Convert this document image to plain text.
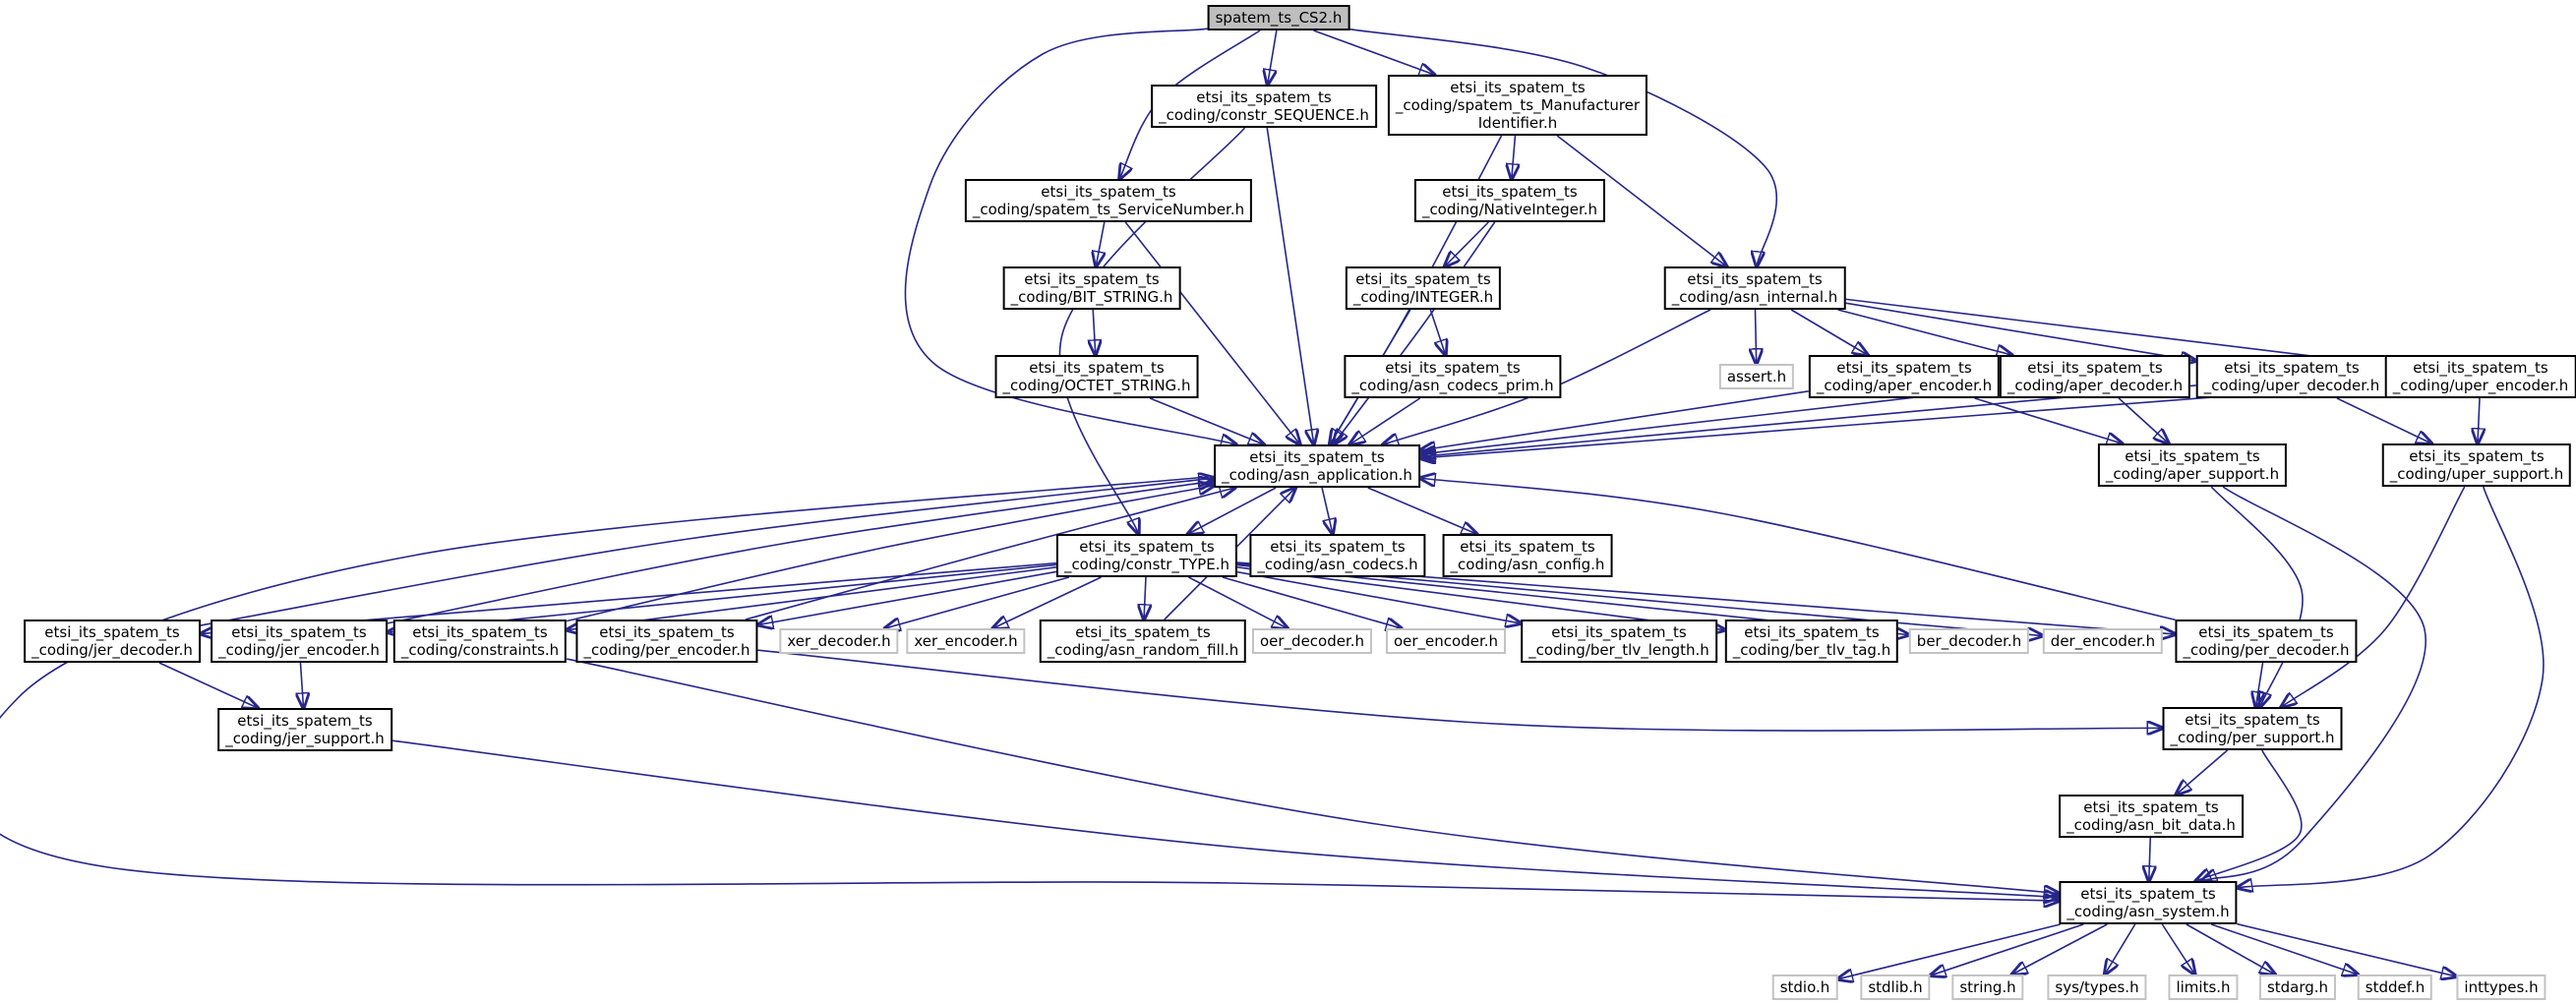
spatem_ts_CS2.h
etsi_its_spatem_ts
_coding/constr_SEQUENCE.h
etsi_its_spatem_ts
_coding/spatem_ts_Manufacturer
Identifier.h
etsi_its_spatem_ts
_coding/spatem_ts_ServiceNumber.h
etsi_its_spatem_ts
_coding/NativeInteger.h
etsi_its_spatem_ts
_coding/BIT_STRING.h
etsi_its_spatem_ts
_coding/INTEGER.h
etsi_its_spatem_ts
_coding/asn_internal.h
etsi_its_spatem_ts
_coding/OCTET_STRING.h
etsi_its_spatem_ts
_coding/asn_codecs_prim.h	assert.h	etsi_its_spatem_ts
_coding/aper_encoder.h
etsi_its_spatem_ts
_coding/aper_decoder.h
etsi_its_spatem_ts
_coding/uper_decoder.h
etsi_its_spatem_ts
_coding/uper_encoder.h
etsi_its_spatem_ts
_coding/asn_application.h
etsi_its_spatem_ts
_coding/aper_support.h
etsi_its_spatem_ts
_coding/uper_support.h
etsi_its_spatem_ts
_coding/constr_TYPE.h
etsi_its_spatem_ts
_coding/asn_codecs.h
etsi_its_spatem_ts
_coding/asn_config.h
etsi_its_spatem_ts
_coding/jer_decoder.h
etsi_its_spatem_ts
_coding/jer_encoder.h
etsi_its_spatem_ts
_coding/constraints.h
etsi_its_spatem_ts
_coding/per_encoder.h	xer_decoder.h xer_encoder.h	etsi_its_spatem_ts
_coding/asn_random_fill.h oer_decoder.h oer_encoder.h	etsi_its_spatem_ts
_coding/ber_tlv_length.h
etsi_its_spatem_ts
_coding/ber_tlv_tag.h ber_decoder.h der_encoder.h	etsi_its_spatem_ts
_coding/per_decoder.h
etsi_its_spatem_ts
_coding/jer_support.h
etsi_its_spatem_ts
_coding/per_support.h
etsi_its_spatem_ts
_coding/asn_bit_data.h
etsi_its_spatem_ts
_coding/asn_system.h
stdio.h	stdlib.h	string.h	sys/types.h	limits.h stdarg.h	stddef.h	inttypes.h
